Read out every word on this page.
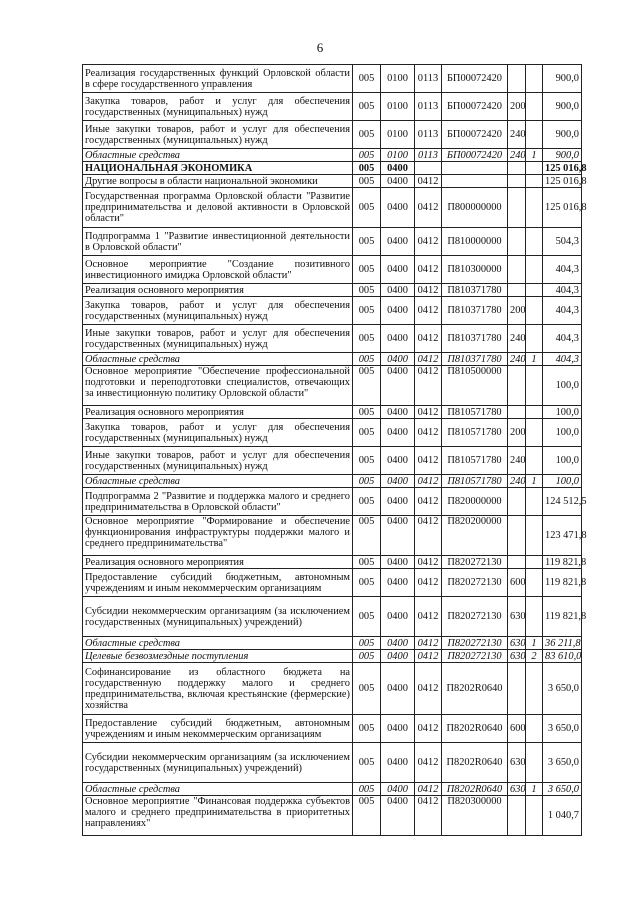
6
Реализация государственных функций Орловской области в сфере государственного управления	005	0100	0113	БП00072420			900,0
Закупка товаров, работ и услуг для обеспечения государственных (муниципальных) нужд	005	0100	0113	БП00072420	200		900,0
Иные закупки товаров, работ и услуг для обеспечения государственных (муниципальных) нужд	005	0100	0113	БП00072420	240		900,0
Областные средства	005	0100	0113	БП00072420	240	1	900,0
НАЦИОНАЛЬНАЯ ЭКОНОМИКА	005	0400					125 016,8
Другие вопросы в области национальной экономики	005	0400	0412				125 016,8
Государственная программа Орловской области "Развитие предпринимательства и деловой активности в Орловской области"	005	0400	0412	П800000000			125 016,8
Подпрограмма 1 "Развитие инвестиционной деятельности в Орловской области"	005	0400	0412	П810000000			504,3
Основное мероприятие "Создание позитивного инвестиционного имиджа Орловской области"	005	0400	0412	П810300000			404,3
Реализация основного мероприятия	005	0400	0412	П810371780			404,3
Закупка товаров, работ и услуг для обеспечения государственных (муниципальных) нужд	005	0400	0412	П810371780	200		404,3
Иные закупки товаров, работ и услуг для обеспечения государственных (муниципальных) нужд	005	0400	0412	П810371780	240		404,3
Областные средства	005	0400	0412	П810371780	240	1	404,3
Основное мероприятие "Обеспечение профессиональной подготовки и переподготовки специалистов, отвечающих за инвестиционную политику Орловской области"	005	0400	0412	П810500000			100,0
Реализация основного мероприятия	005	0400	0412	П810571780			100,0
Закупка товаров, работ и услуг для обеспечения государственных (муниципальных) нужд	005	0400	0412	П810571780	200		100,0
Иные закупки товаров, работ и услуг для обеспечения государственных (муниципальных) нужд	005	0400	0412	П810571780	240		100,0
Областные средства	005	0400	0412	П810571780	240	1	100,0
Подпрограмма 2 "Развитие и поддержка малого и среднего предпринимательства в Орловской области"	005	0400	0412	П820000000			124 512,5
Основное мероприятие "Формирование и обеспечение функционирования инфраструктуры поддержки малого и среднего предпринимательства"	005	0400	0412	П820200000			123 471,8
Реализация основного мероприятия	005	0400	0412	П820272130			119 821,8
Предоставление субсидий бюджетным, автономным учреждениям и иным некоммерческим организациям	005	0400	0412	П820272130	600		119 821,8
Субсидии некоммерческим организациям (за исключением государственных (муниципальных) учреждений)	005	0400	0412	П820272130	630		119 821,8
Областные средства	005	0400	0412	П820272130	630	1	36 211,8
Целевые безвозмездные поступления	005	0400	0412	П820272130	630	2	83 610,0
Софинансирование из областного бюджета на государственную поддержку малого и среднего предпринимательства, включая крестьянские (фермерские) хозяйства	005	0400	0412	П8202R0640			3 650,0
Предоставление субсидий бюджетным, автономным учреждениям и иным некоммерческим организациям	005	0400	0412	П8202R0640	600		3 650,0
Субсидии некоммерческим организациям (за исключением государственных (муниципальных) учреждений)	005	0400	0412	П8202R0640	630		3 650,0
Областные средства	005	0400	0412	П8202R0640	630	1	3 650,0
Основное мероприятие "Финансовая поддержка субъектов малого и среднего предпринимательства в приоритетных направлениях"	005	0400	0412	П820300000			1 040,7
